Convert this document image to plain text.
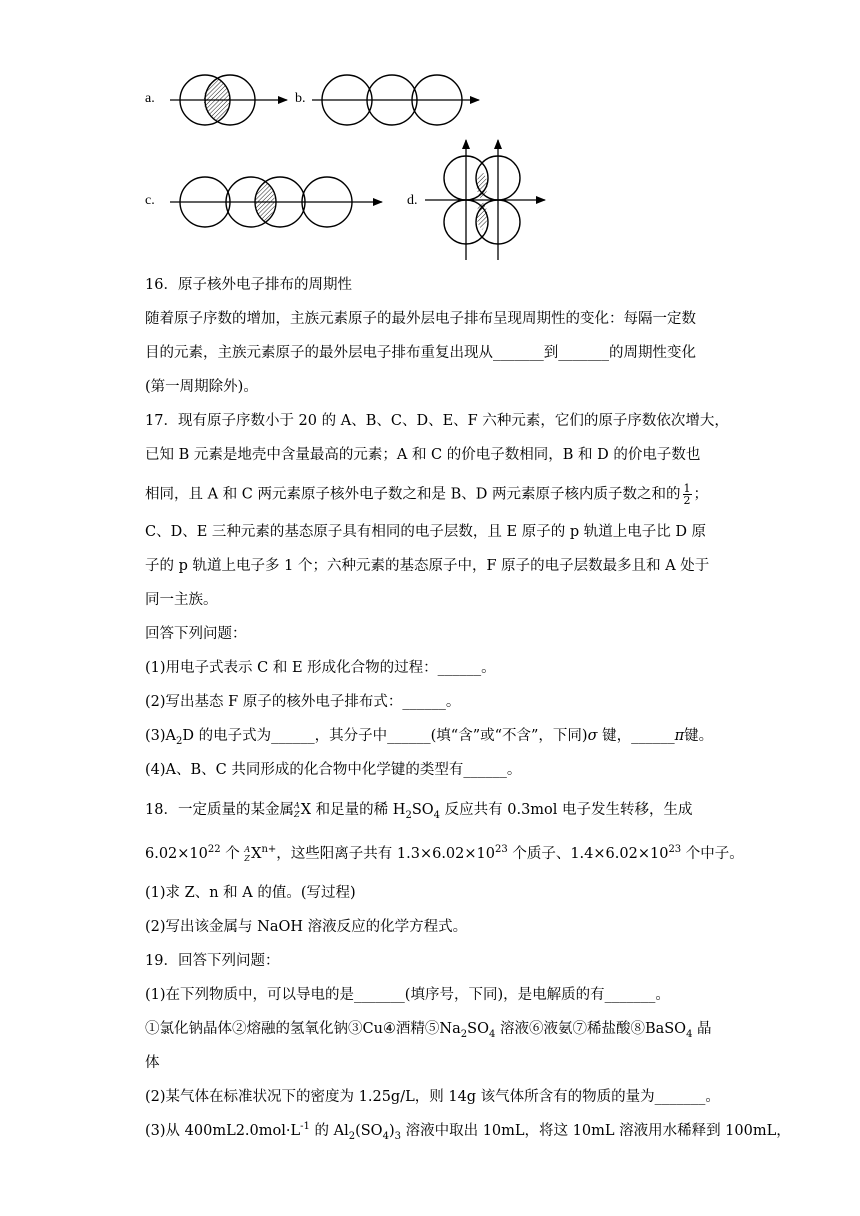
a.	b.
c.	d.
16．原子核外电子排布的周期性
随着原子序数的增加，主族元素原子的最外层电子排布呈现周期性的变化：每隔一定数
目的元素，主族元素原子的最外层电子排布重复出现从_______到_______的周期性变化
(第一周期除外)。
17．现有原子序数小于 20 的 A、B、C、D、E、F 六种元素，它们的原子序数依次增大，
已知 B 元素是地壳中含量最高的元素；A 和 C 的价电子数相同，B 和 D 的价电子数也
相同，且 A 和 C 两元素原子核外电子数之和是 B、D 两元素原子核内质子数之和的 $\frac{1}{2}$ ；
C、D、E 三种元素的基态原子具有相同的电子层数，且 E 原子的 p 轨道上电子比 D 原
子的 p 轨道上电子多 1 个；六种元素的基态原子中，F 原子的电子层数最多且和 A 处于
同一主族。
回答下列问题：
(1)用电子式表示 C 和 E 形成化合物的过程：______。
(2)写出基态 F 原子的核外电子排布式：______。
$(3)A_2D$ 的电子式为______，其分子中______(填“含”或“不含”，下同)σ 键，______π键。
(4)A、B、C 共同形成的化合物中化学键的类型有______。
18．一定质量的某金属 A
Z X 和足量的稀 $H_2SO_4$ 反应共有 0.3mol 电子发生转移，生成
$6.02\times 10^{22}$ 个 A
Z $X^{n+}$，这些阳离子共有 $1.3\times 6.02\times 10^{23}$ 个质子、$1.4\times 6.02\times 10^{23}$ 个中子。
(1)求 Z、n 和 A 的值。(写过程)
(2)写出该金属与 NaOH 溶液反应的化学方程式。
19．回答下列问题：
(1)在下列物质中，可以导电的是_______(填序号，下同)，是电解质的有_______。
①氯化钠晶体②熔融的氢氧化钠③Cu④酒精$⑤Na_2SO_4$ 溶液⑥液氨⑦稀盐酸⑧BaSO$_4$ 晶
体
(2)某气体在标准状况下的密度为 1.25g/L，则 14g 该气体所含有的物质的量为_______。
(3)从 $400mL2.0mol\cdot L^{-1}$ 的 $Al_2(SO_4)_3$ 溶液中取出 10mL，将这 10mL 溶液用水稀释到 100mL，
